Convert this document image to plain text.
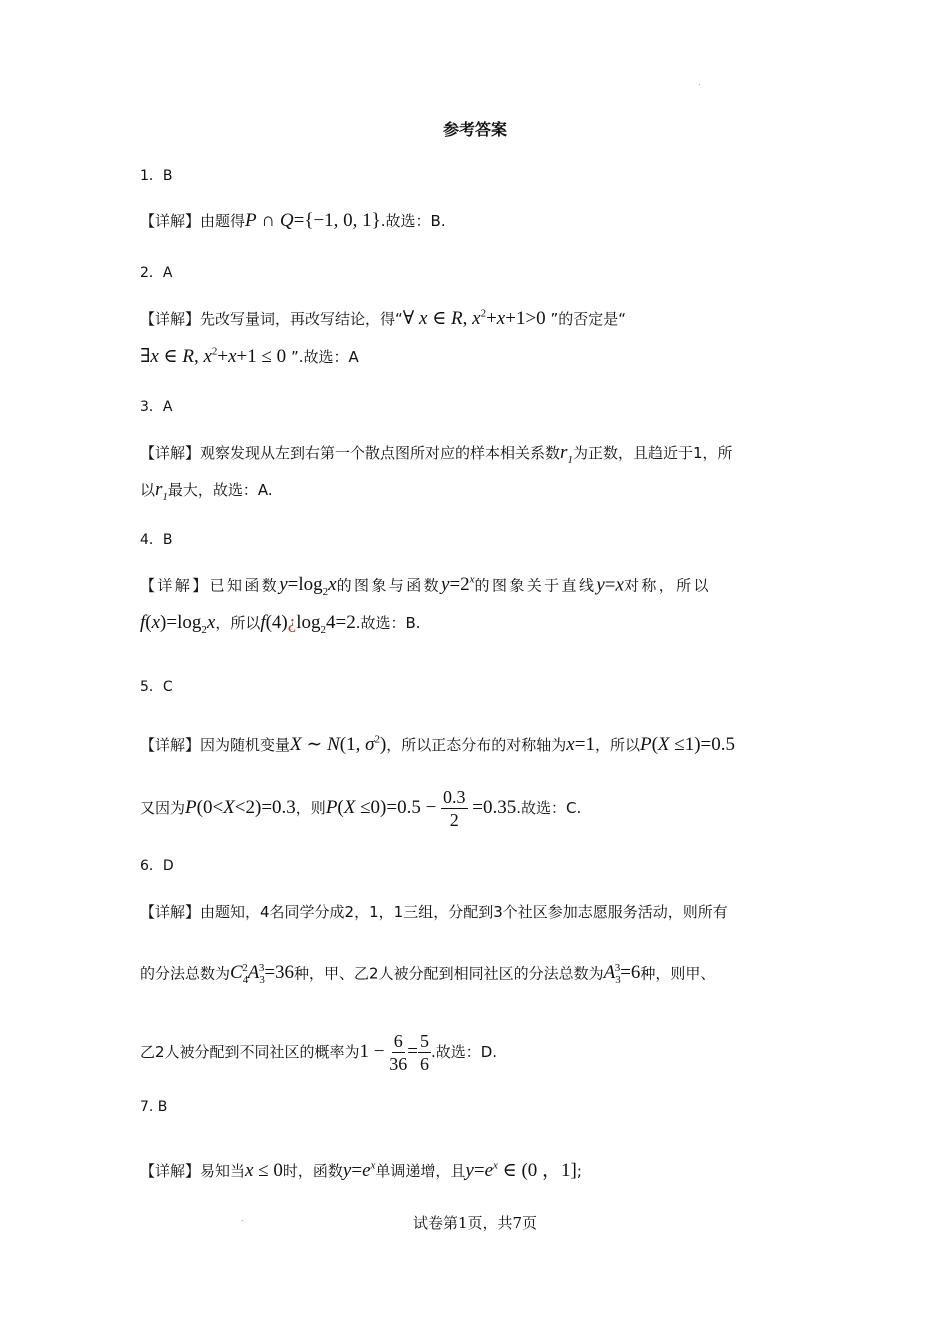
.
参考答案
1．B
【详解】由题得P ∩ Q={−1, 0, 1}.故选：B.
2．A
【详解】先改写量词，再改写结论，得“∀ x ∈ R, $x^2+x+1>0$ ”的否定是“
∃x ∈ R, $x^2+x+1 \le 0$ ”.故选：A
3．A
【详解】观察发现从左到右第一个散点图所对应的样本相关系数$r_1$为正数，且趋近于1，所
以$r_1$最大，故选：A.
4．B
【详解】已知函数$y=\log_2x$的图象与函数$y=2^x$的图象关于直线y=x对称，所以
$f(x)=\log_2x$，所以$f(4)¿\log_24=2$.故选：B.
5．C
【详解】因为随机变量X ∼ N(1, $\sigma^2$)，所以正态分布的对称轴为x=1，所以P(X ≤1)=0.5
又因为P(0<X<2)=0.3，则$P(X \le 0)=0.5 - \frac{0.3}{2} =0.35$.故选：C.
6．D
【详解】由题知，4名同学分成2，1，1三组，分配到3个社区参加志愿服务活动，则所有
的分法总数为$C_4^2A_3^3=36$种，甲、乙2人被分配到相同社区的分法总数为$A_3^3=6$种，则甲、
乙2人被分配到不同社区的概率为$1 - \frac{6}{36} = \frac{5}{6}$ .故选：D.
7. B
【详解】易知当x ≤ 0时，函数$y=e^x$单调递增，且$y=e^x$ ∈ (0 ，1];
.	试卷第1页，共7页
